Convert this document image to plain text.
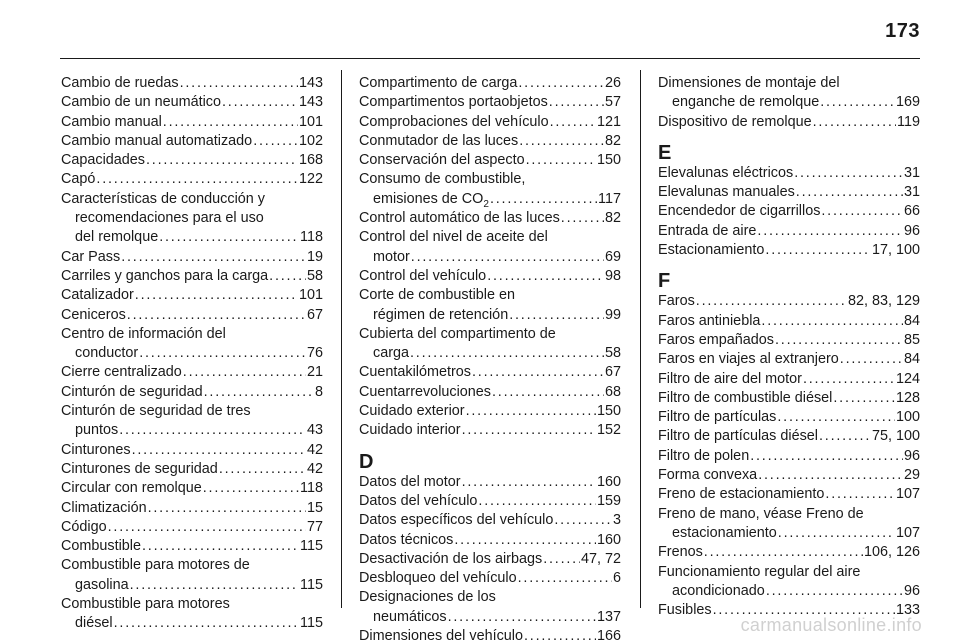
173
Cambio de ruedas . . .	143
Cambio de un neumático . . .	143
Cambio manual . . .	101
Cambio manual automatizado . . .	102
Capacidades . . .	168
Capó . . .	122
Características de conducción y
recomendaciones para el uso
del remolque . . .	118
Car Pass . . .	19
Carriles y ganchos para la carga . . .	58
Catalizador . . .	101
Ceniceros . . .	67
Centro de información del
conductor . . .	76
Cierre centralizado . . .	21
Cinturón de seguridad . . .	8
Cinturón de seguridad de tres
puntos . . .	43
Cinturones . . .	42
Cinturones de seguridad . . .	42
Circular con remolque . . .	118
Climatización . . .	15
Código . . .	77
Combustible . . .	115
Combustible para motores de
gasolina . . .	115
Combustible para motores
diésel . . .	115
Compartimento de carga . . .	26
Compartimentos portaobjetos . . .	57
Comprobaciones del vehículo . . .	121
Conmutador de las luces . . .	82
Conservación del aspecto . . .	150
Consumo de combustible,
emisiones de $CO_2$ . . .	117
Control automático de las luces . . .	82
Control del nivel de aceite del
motor . . .	69
Control del vehículo . . .	98
Corte de combustible en
régimen de retención . . .	99
Cubierta del compartimento de
carga . . .	58
Cuentakilómetros . . .	67
Cuentarrevoluciones . . .	68
Cuidado exterior . . .	150
Cuidado interior . . .	152
D
Datos del motor . . .	160
Datos del vehículo . . .	159
Datos específicos del vehículo . . .	3
Datos técnicos . . .	160
Desactivación de los airbags . . .	47, 72
Desbloqueo del vehículo . . .	6
Designaciones de los
neumáticos . . .	137
Dimensiones del vehículo . . .	166
Dimensiones de montaje del
enganche de remolque . . .	169
Dispositivo de remolque . . .	119
E
Elevalunas eléctricos . . .	31
Elevalunas manuales . . .	31
Encendedor de cigarrillos . . .	66
Entrada de aire . . .	96
Estacionamiento . . .	17, 100
F
Faros . . .	82, 83, 129
Faros antiniebla . . .	84
Faros empañados . . .	85
Faros en viajes al extranjero . . .	84
Filtro de aire del motor . . .	124
Filtro de combustible diésel . . .	128
Filtro de partículas . . .	100
Filtro de partículas diésel . . .	75, 100
Filtro de polen . . .	96
Forma convexa . . .	29
Freno de estacionamiento . . .	107
Freno de mano, véase Freno de
estacionamiento . . .	107
Frenos . . .	106, 126
Funcionamiento regular del aire
acondicionado . . .	96
Fusibles . . .	133
carmanualsonline.info
